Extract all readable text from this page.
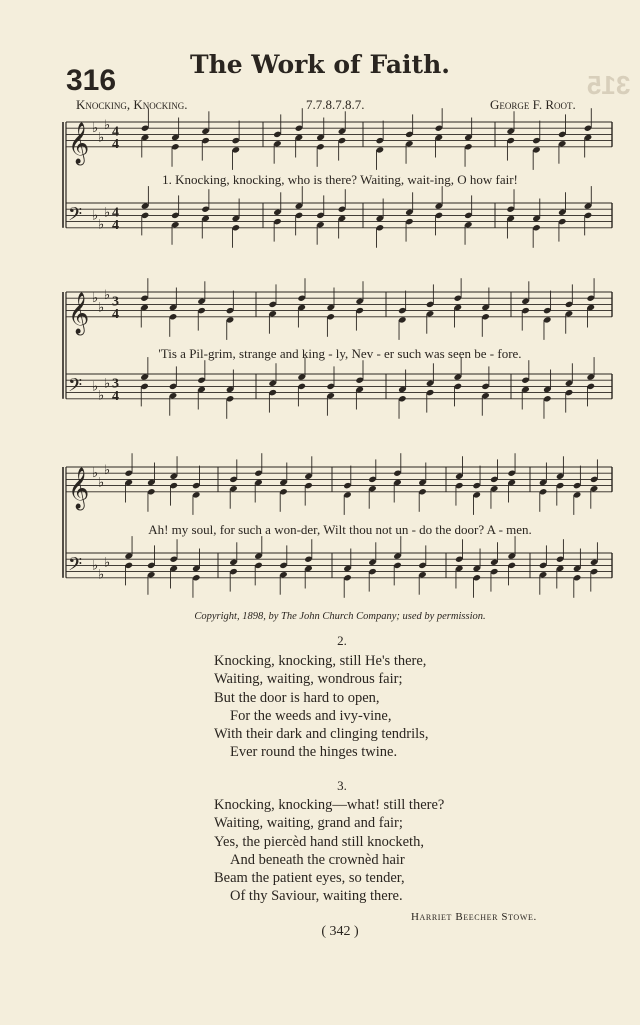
316	The Work of Faith.
315
Knocking, Knocking.	7.7.8.7.8.7.	George F. Root.
𝄞
𝄢
♭
♭
♭
♭
♭
♭
4
4
4
4
𝄞
𝄢
♭
♭
♭
♭
♭
♭
3
4
3
4
𝄞
𝄢
♭
♭
♭
♭
♭
♭
1. Knocking, knocking, who is there? Waiting, wait-ing, O how fair!
'Tis a Pil-grim, strange and king - ly, Nev - er such was seen be - fore.
Ah! my soul, for such a won-der, Wilt thou not un - do the door? A - men.
Copyright, 1898, by The John Church Company; used by permission.
2.
Knocking, knocking, still He's there,
Waiting, waiting, wondrous fair;
But the door is hard to open,
For the weeds and ivy-vine,
With their dark and clinging tendrils,
Ever round the hinges twine.
3.
Knocking, knocking—what! still there?
Waiting, waiting, grand and fair;
Yes, the piercèd hand still knocketh,
And beneath the crownèd hair
Beam the patient eyes, so tender,
Of thy Saviour, waiting there.
Harriet Beecher Stowe.
( 342 )
